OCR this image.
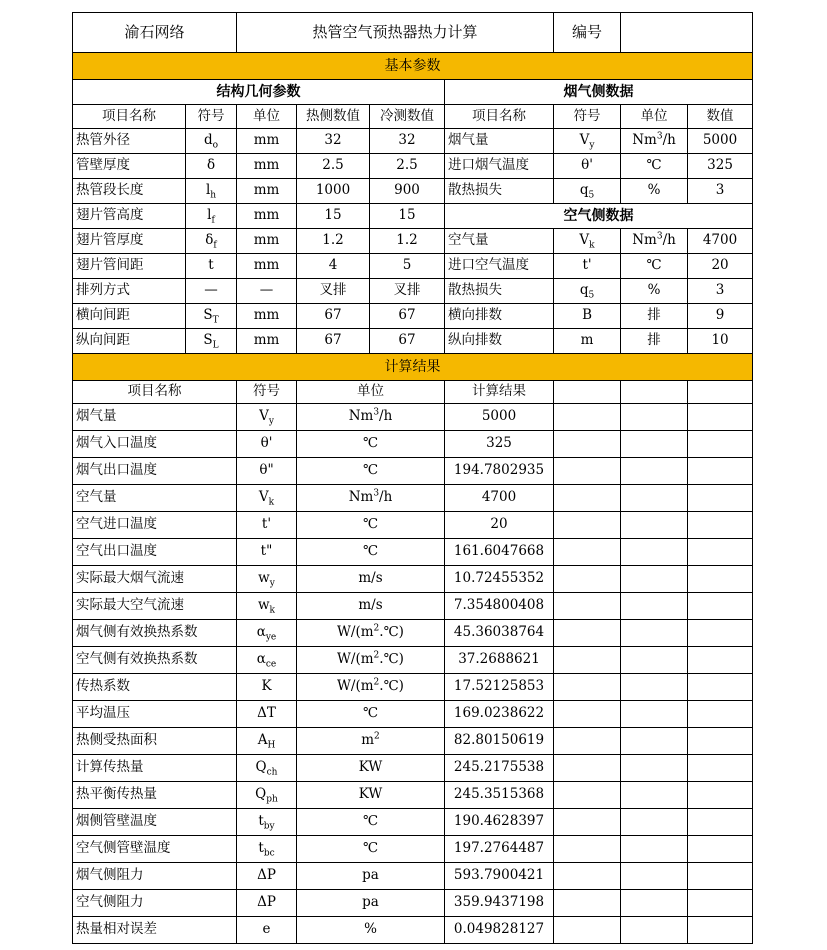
渝石网络		热管空气预热器热力计算				编号		
基本参数								
结构几何参数					烟气侧数据			
项目名称	符号	单位	热侧数值	冷测数值	项目名称	符号	单位	数值
热管外径	$d_o$	mm	32	32	烟气量	$V_y$	Nm$^3$/h	5000
管壁厚度	δ	mm	2.5	2.5	进口烟气温度	θ'	℃	325
热管段长度	$l_h$	mm	1000	900	散热损失	$q_5$	%	3
翅片管高度	$l_f$	mm	15	15	空气侧数据			
翅片管厚度	$\delta_f$	mm	1.2	1.2	空气量	$V_k$	Nm$^3$/h	4700
翅片管间距	t	mm	4	5	进口空气温度	t'	℃	20
排列方式	—	—	叉排	叉排	散热损失	$q_5$	%	3
横向间距	$S_T$	mm	67	67	横向排数	B	排	9
纵向间距	$S_L$	mm	67	67	纵向排数	m	排	10
计算结果						
项目名称	符号	单位	计算结果			
烟气量	$V_y$	Nm$^3$/h	5000			
烟气入口温度	θ'	℃	325			
烟气出口温度	θ"	℃	194.7802935			
空气量	$V_k$	Nm$^3$/h	4700			
空气进口温度	t'	℃	20			
空气出口温度	t"	℃	161.6047668			
实际最大烟气流速	$w_y$	m/s	10.72455352			
实际最大空气流速	$w_k$	m/s	7.354800408			
烟气侧有效换热系数	$\alpha_{ye}$	$W/(m^2.℃)$	45.36038764			
空气侧有效换热系数	$\alpha_{ce}$	$W/(m^2.℃)$	37.2688621			
传热系数	K	$W/(m^2.℃)$	17.52125853			
平均温压	ΔT	℃	169.0238622			
热侧受热面积	$A_H$	$m^2$	82.80150619			
计算传热量	$Q_{ch}$	KW	245.2175538			
热平衡传热量	$Q_{ph}$	KW	245.3515368			
烟侧管壁温度	$t_{by}$	℃	190.4628397			
空气侧管壁温度	$t_{bc}$	℃	197.2764487			
烟气侧阻力	ΔP	pa	593.7900421			
空气侧阻力	ΔP	pa	359.9437198			
热量相对误差	e	%	0.049828127			
